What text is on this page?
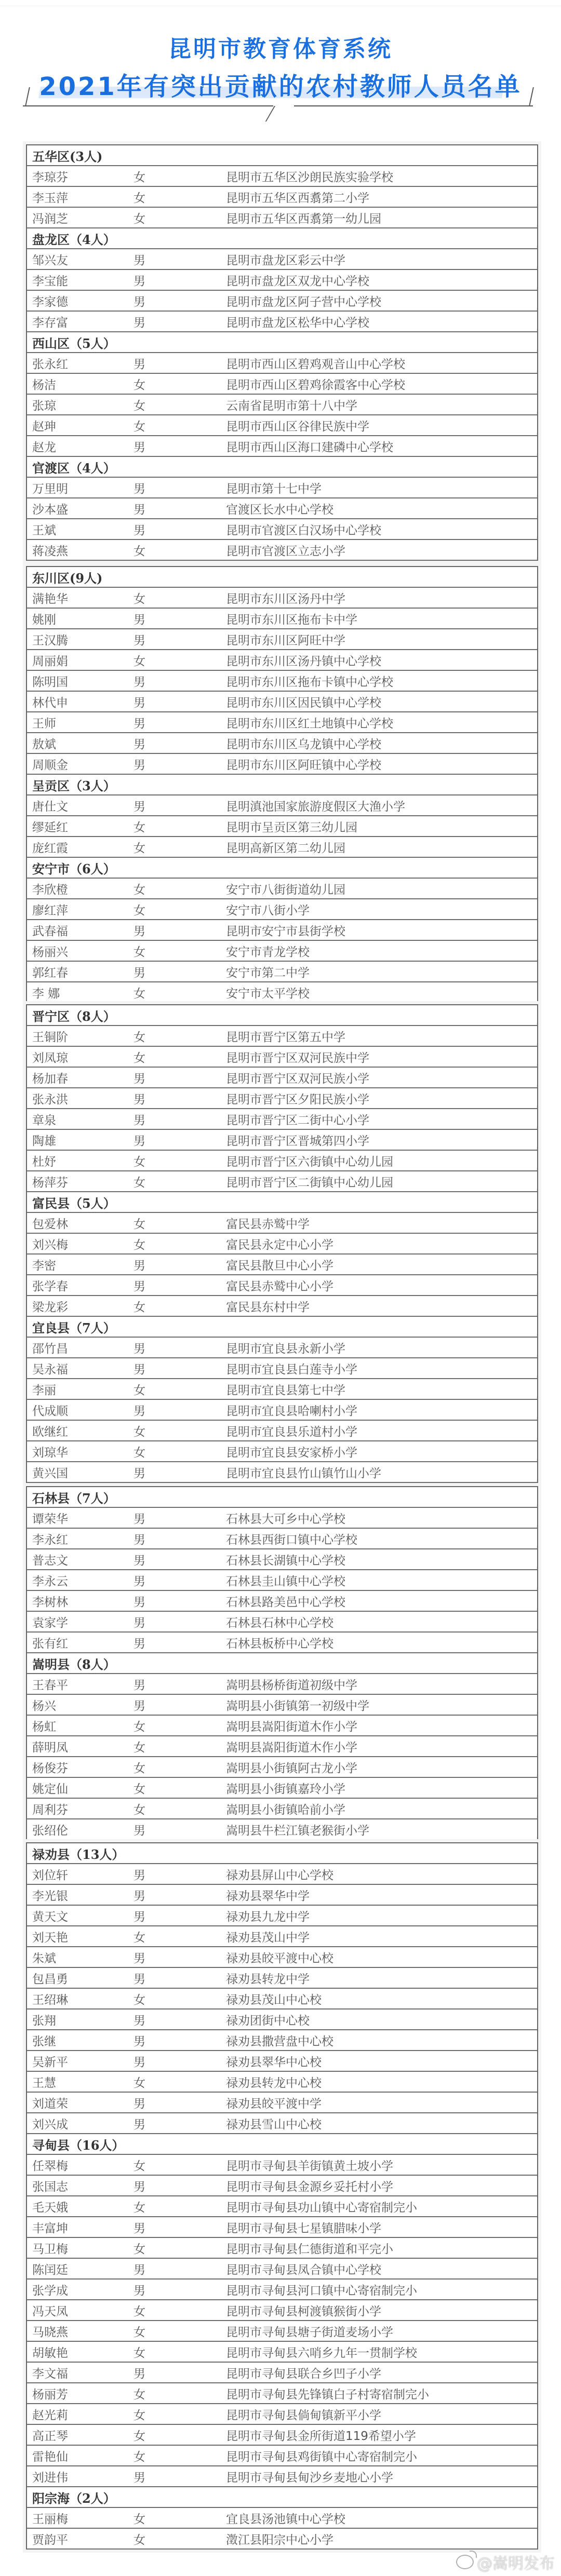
昆明市教育体育系统
2021年有突出贡献的农村教师人员名单
五华区(3人)
李琼芬	女	昆明市五华区沙朗民族实验学校
李玉萍	女	昆明市五华区西翥第二小学
冯润芝	女	昆明市五华区西翥第一幼儿园
盘龙区（4人）
邹兴友	男	昆明市盘龙区彩云中学
李宝能	男	昆明市盘龙区双龙中心学校
李家德	男	昆明市盘龙区阿子营中心学校
李存富	男	昆明市盘龙区松华中心学校
西山区（5人）
张永红	男	昆明市西山区碧鸡观音山中心学校
杨洁	女	昆明市西山区碧鸡徐霞客中心学校
张琼	女	云南省昆明市第十八中学
赵珅	女	昆明市西山区谷律民族中学
赵龙	男	昆明市西山区海口建磷中心学校
官渡区（4人）
万里明	男	昆明市第十七中学
沙本盛	男	官渡区长水中心学校
王斌	男	昆明市官渡区白汉场中心学校
蒋凌燕	女	昆明市官渡区立志小学
东川区(9人)
满艳华	女	昆明市东川区汤丹中学
姚刚	男	昆明市东川区拖布卡中学
王汉腾	男	昆明市东川区阿旺中学
周丽娟	女	昆明市东川区汤丹镇中心学校
陈明国	男	昆明市东川区拖布卡镇中心学校
林代申	男	昆明市东川区因民镇中心学校
王师	男	昆明市东川区红土地镇中心学校
敖斌	男	昆明市东川区乌龙镇中心学校
周顺金	男	昆明市东川区阿旺镇中心学校
呈贡区（3人）
唐仕文	男	昆明滇池国家旅游度假区大渔小学
缪延红	女	昆明市呈贡区第三幼儿园
庞红霞	女	昆明高新区第二幼儿园
安宁市（6人）
李欣橙	女	安宁市八街街道幼儿园
廖红萍	女	安宁市八街小学
武春福	男	昆明市安宁市县街学校
杨丽兴	女	安宁市青龙学校
郭红春	男	安宁市第二中学
李 娜	女	安宁市太平学校
晋宁区（8人）
王铜阶	女	昆明市晋宁区第五中学
刘凤琼	女	昆明市晋宁区双河民族中学
杨加春	男	昆明市晋宁区双河民族小学
张永洪	男	昆明市晋宁区夕阳民族小学
章泉	男	昆明市晋宁区二街中心小学
陶雄	男	昆明市晋宁区晋城第四小学
杜妤	女	昆明市晋宁区六街镇中心幼儿园
杨萍芬	女	昆明市晋宁区二街镇中心幼儿园
富民县（5人）
包爱林	女	富民县赤鹫中学
刘兴梅	女	富民县永定中心小学
李密	男	富民县散旦中心小学
张学春	男	富民县赤鹫中心小学
梁龙彩	女	富民县东村中学
宜良县（7人）
邵竹昌	男	昆明市宜良县永新小学
吴永福	男	昆明市宜良县白莲寺小学
李丽	女	昆明市宜良县第七中学
代成顺	男	昆明市宜良县哈喇村小学
欧继红	女	昆明市宜良县乐道村小学
刘琼华	女	昆明市宜良县安家桥小学
黄兴国	男	昆明市宜良县竹山镇竹山小学
石林县（7人）
谭荣华	男	石林县大可乡中心学校
李永红	男	石林县西街口镇中心学校
普志文	男	石林县长湖镇中心学校
李永云	男	石林县圭山镇中心学校
李树林	男	石林县路美邑中心学校
袁家学	男	石林县石林中心学校
张有红	男	石林县板桥中心学校
嵩明县（8人）
王春平	男	嵩明县杨桥街道初级中学
杨兴	男	嵩明县小街镇第一初级中学
杨虹	女	嵩明县嵩阳街道木作小学
薛明凤	女	嵩明县嵩阳街道木作小学
杨俊芬	女	嵩明县小街镇阿古龙小学
姚定仙	女	嵩明县小街镇嘉玲小学
周利芬	女	嵩明县小街镇哈前小学
张绍伦	男	嵩明县牛栏江镇老猴街小学
禄劝县（13人）
刘位轩	男	禄劝县屏山中心学校
李光银	男	禄劝县翠华中学
黄天文	男	禄劝县九龙中学
刘天艳	女	禄劝县茂山中学
朱斌	男	禄劝县皎平渡中心校
包昌勇	男	禄劝县转龙中学
王绍琳	女	禄劝县茂山中心校
张翔	男	禄劝团街中心校
张继	男	禄劝县撒营盘中心校
吴新平	男	禄劝县翠华中心校
王慧	女	禄劝县转龙中心校
刘道荣	男	禄劝县皎平渡中学
刘兴成	男	禄劝县雪山中心校
寻甸县（16人）
任翠梅	女	昆明市寻甸县羊街镇黄土坡小学
张国志	男	昆明市寻甸县金源乡妥托村小学
毛天娥	女	昆明市寻甸县功山镇中心寄宿制完小
丰富坤	男	昆明市寻甸县七星镇腊味小学
马卫梅	女	昆明市寻甸县仁德街道和平完小
陈闰廷	男	昆明市寻甸县凤合镇中心学校
张学成	男	昆明市寻甸县河口镇中心寄宿制完小
冯天凤	女	昆明市寻甸县柯渡镇猴街小学
马晓燕	女	昆明市寻甸县塘子街道麦场小学
胡敏艳	女	昆明市寻甸县六哨乡九年一贯制学校
李文福	男	昆明市寻甸县联合乡凹子小学
杨丽芳	女	昆明市寻甸县先锋镇白子村寄宿制完小
赵光莉	女	昆明市寻甸县倘甸镇新平小学
高正琴	女	昆明市寻甸县金所街道119希望小学
雷艳仙	女	昆明市寻甸县鸡街镇中心寄宿制完小
刘进伟	男	昆明市寻甸县甸沙乡麦地心小学
阳宗海（2人）
王丽梅	女	宜良县汤池镇中心学校
贾韵平	女	澂江县阳宗中心小学
@嵩明发布
